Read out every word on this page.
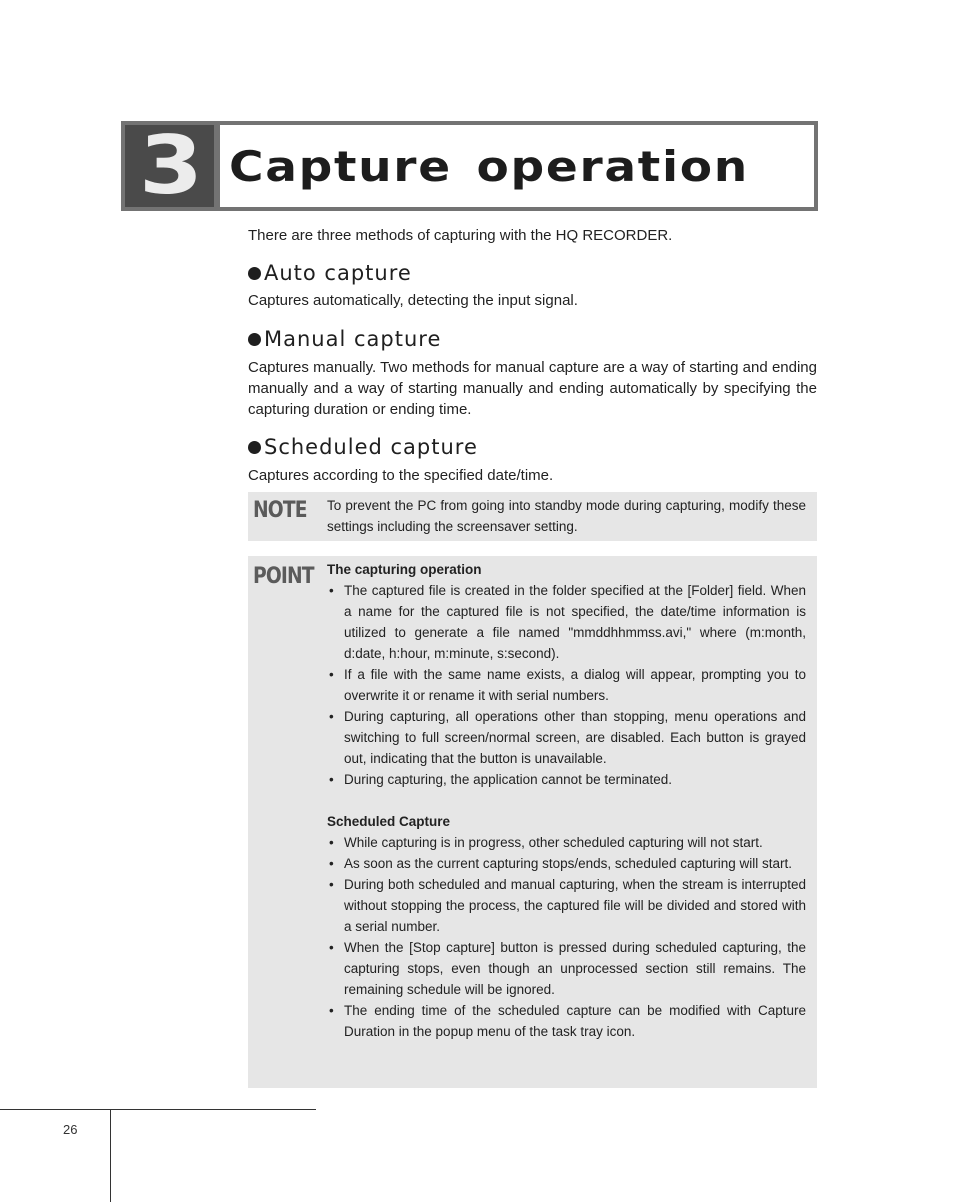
3 Capture operation

There are three methods of capturing with the HQ RECORDER.

Auto capture

Captures automatically, detecting the input signal.

Manual capture

Captures manually. Two methods for manual capture are a way of starting and ending manually and a way of starting manually and ending automatically by specifying the capturing duration or ending time.

Scheduled capture

Captures according to the specified date/time.

NOTE To prevent the PC from going into standby mode during capturing, modify these settings including the screensaver setting.

POINT The capturing operation
• The captured file is created in the folder specified at the [Folder] field. When a name for the captured file is not specified, the date/time information is utilized to generate a file named "mmddhhmmss.avi," where (m:month, d:date, h:hour, m:minute, s:second).
• If a file with the same name exists, a dialog will appear, prompting you to overwrite it or rename it with serial numbers.
• During capturing, all operations other than stopping, menu operations and switching to full screen/normal screen, are disabled. Each button is grayed out, indicating that the button is unavailable.
• During capturing, the application cannot be terminated.
Scheduled Capture
• While capturing is in progress, other scheduled capturing will not start.
• As soon as the current capturing stops/ends, scheduled capturing will start.
• During both scheduled and manual capturing, when the stream is interrupted without stopping the process, the captured file will be divided and stored with a serial number.
• When the [Stop capture] button is pressed during scheduled capturing, the capturing stops, even though an unprocessed section still remains. The remaining schedule will be ignored.
• The ending time of the scheduled capture can be modified with Capture Duration in the popup menu of the task tray icon.
26
